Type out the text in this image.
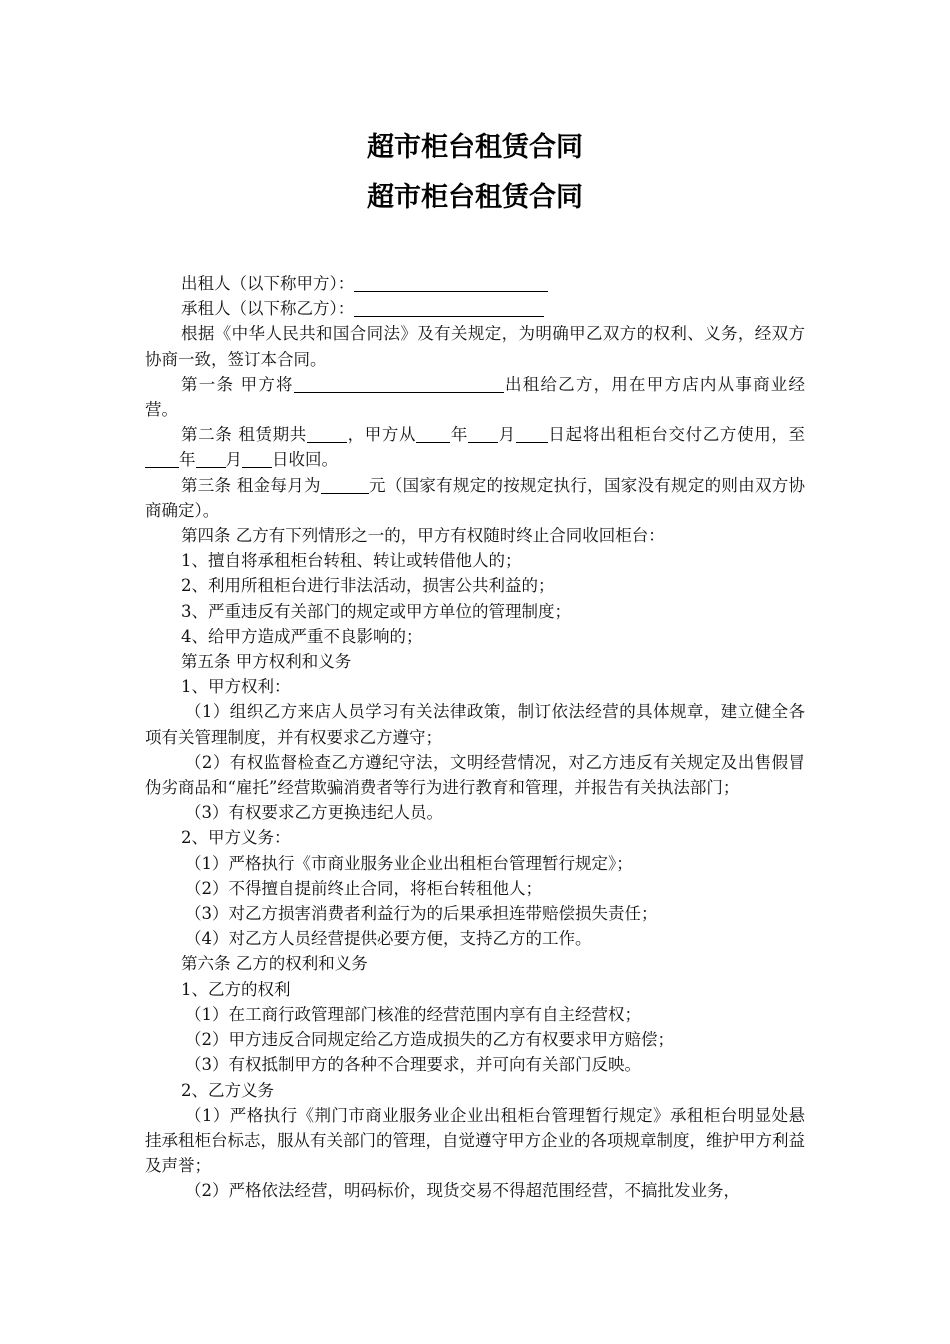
超市柜台租赁合同
超市柜台租赁合同

出租人（以下称甲方）：

承租人（以下称乙方）：

根据《中华人民共和国合同法》及有关规定，为明确甲乙双方的权利、义务，经双方协商一致，签订本合同。

第一条 甲方将	出租给乙方，用在甲方店内从事商业经营。

第二条 租赁期共 ，甲方从 年 月 日起将出租柜台交付乙方使用，至年 月 日收回。

第三条 租金每月为	元（国家有规定的按规定执行，国家没有规定的则由双方协商确定）。

第四条 乙方有下列情形之一的，甲方有权随时终止合同收回柜台：

1、擅自将承租柜台转租、转让或转借他人的；

2、利用所租柜台进行非法活动，损害公共利益的；

3、严重违反有关部门的规定或甲方单位的管理制度；

4、给甲方造成严重不良影响的；

第五条 甲方权利和义务

1、甲方权利：

（1）组织乙方来店人员学习有关法律政策，制订依法经营的具体规章，建立健全各项有关管理制度，并有权要求乙方遵守；

（2）有权监督检查乙方遵纪守法，文明经营情况，对乙方违反有关规定及出售假冒伪劣商品和“雇托”经营欺骗消费者等行为进行教育和管理，并报告有关执法部门；

（3）有权要求乙方更换违纪人员。

2、甲方义务：

（1）严格执行《市商业服务业企业出租柜台管理暂行规定》；

（2）不得擅自提前终止合同，将柜台转租他人；

（3）对乙方损害消费者利益行为的后果承担连带赔偿损失责任；

（4）对乙方人员经营提供必要方便，支持乙方的工作。

第六条 乙方的权利和义务

1、乙方的权利

（1）在工商行政管理部门核准的经营范围内享有自主经营权；

（2）甲方违反合同规定给乙方造成损失的乙方有权要求甲方赔偿；

（3）有权抵制甲方的各种不合理要求，并可向有关部门反映。

2、乙方义务

（1）严格执行《荆门市商业服务业企业出租柜台管理暂行规定》承租柜台明显处悬挂承租柜台标志，服从有关部门的管理，自觉遵守甲方企业的各项规章制度，维护甲方利益及声誉；

（2）严格依法经营，明码标价，现货交易不得超范围经营，不搞批发业务，
